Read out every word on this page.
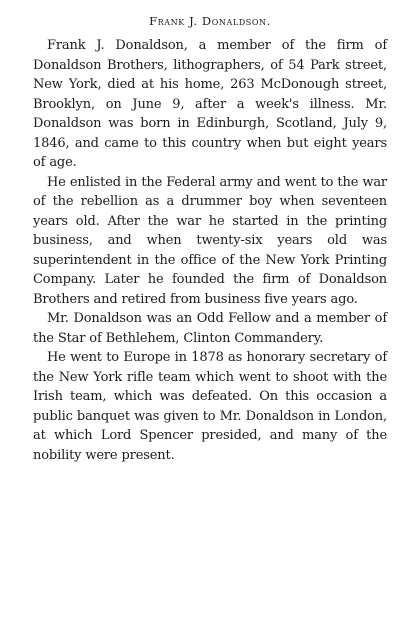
Frank J. Donaldson.

Frank J. Donaldson, a member of the firm of Donaldson Brothers, lithographers, of 54 Park street, New York, died at his home, 263 McDonough street, Brooklyn, on June 9, after a week's illness. Mr. Donaldson was born in Edinburgh, Scotland, July 9, 1846, and came to this country when but eight years of age.

He enlisted in the Federal army and went to the war of the rebellion as a drummer boy when seventeen years old. After the war he started in the printing business, and when twenty-six years old was superintendent in the office of the New York Printing Company. Later he founded the firm of Donaldson Brothers and retired from business five years ago.

Mr. Donaldson was an Odd Fellow and a member of the Star of Bethlehem, Clinton Commandery.

He went to Europe in 1878 as honorary secretary of the New York rifle team which went to shoot with the Irish team, which was defeated. On this occasion a public banquet was given to Mr. Donaldson in London, at which Lord Spencer presided, and many of the nobility were present.
